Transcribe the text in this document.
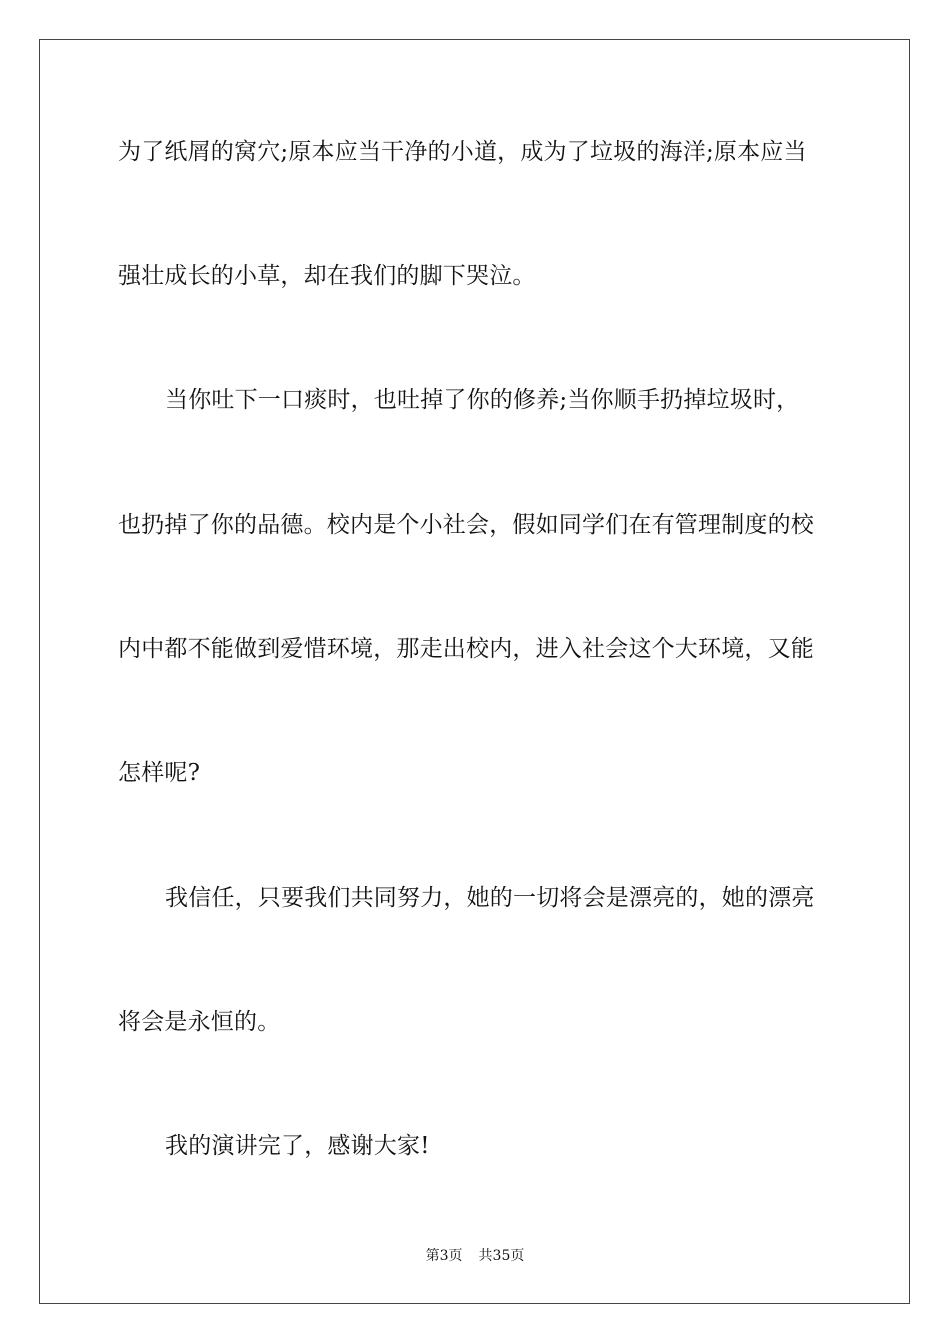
为了纸屑的窝穴;原本应当干净的小道，成为了垃圾的海洋;原本应当
强壮成长的小草，却在我们的脚下哭泣。
当你吐下一口痰时，也吐掉了你的修养;当你顺手扔掉垃圾时，
也扔掉了你的品德。校内是个小社会，假如同学们在有管理制度的校
内中都不能做到爱惜环境，那走出校内，进入社会这个大环境，又能
怎样呢?
我信任，只要我们共同努力，她的一切将会是漂亮的，她的漂亮
将会是永恒的。
我的演讲完了，感谢大家!
第3页 共35页
